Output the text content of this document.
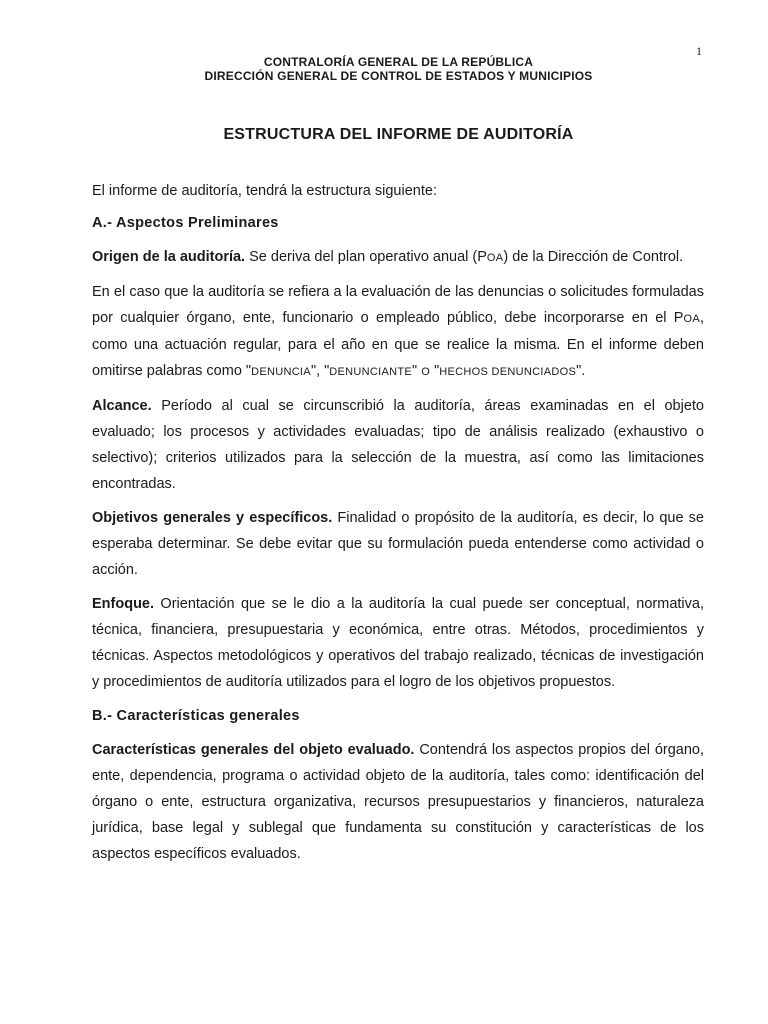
1
CONTRALORÍA GENERAL DE LA REPÚBLICA
DIRECCIÓN GENERAL DE CONTROL DE ESTADOS Y MUNICIPIOS
ESTRUCTURA DEL INFORME DE AUDITORÍA

El informe de auditoría, tendrá la estructura siguiente:

A.- Aspectos Preliminares

Origen de la auditoría. Se deriva del plan operativo anual (POA) de la Dirección de Control.

En el caso que la auditoría se refiera a la evaluación de las denuncias o solicitudes formuladas por cualquier órgano, ente, funcionario o empleado público, debe incorporarse en el POA, como una actuación regular, para el año en que se realice la misma. En el informe deben omitirse palabras como "DENUNCIA", "DENUNCIANTE" O "HECHOS DENUNCIADOS".

Alcance. Período al cual se circunscribió la auditoría, áreas examinadas en el objeto evaluado; los procesos y actividades evaluadas; tipo de análisis realizado (exhaustivo o selectivo); criterios utilizados para la selección de la muestra, así como las limitaciones encontradas.

Objetivos generales y específicos. Finalidad o propósito de la auditoría, es decir, lo que se esperaba determinar. Se debe evitar que su formulación pueda entenderse como actividad o acción.

Enfoque. Orientación que se le dio a la auditoría la cual puede ser conceptual, normativa, técnica, financiera, presupuestaria y económica, entre otras. Métodos, procedimientos y técnicas. Aspectos metodológicos y operativos del trabajo realizado, técnicas de investigación y procedimientos de auditoría utilizados para el logro de los objetivos propuestos.

B.- Características generales

Características generales del objeto evaluado. Contendrá los aspectos propios del órgano, ente, dependencia, programa o actividad objeto de la auditoría, tales como: identificación del órgano o ente, estructura organizativa, recursos presupuestarios y financieros, naturaleza jurídica, base legal y sublegal que fundamenta su constitución y características de los aspectos específicos evaluados.
